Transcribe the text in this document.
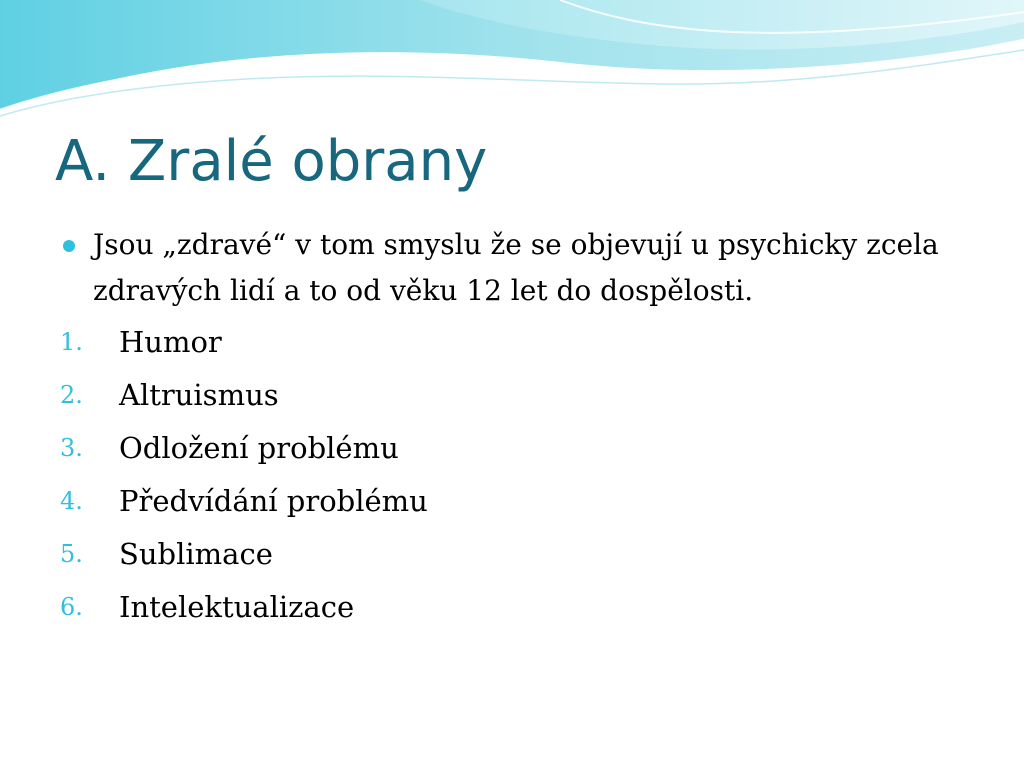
A. Zralé obrany

Jsou „zdravé“ v tom smyslu že se objevují u psychicky zcela zdravých lidí a to od věku 12 let do dospělosti.

1. Humor
2. Altruismus
3. Odložení problému
4. Předvídání problému
5. Sublimace
6. Intelektualizace
